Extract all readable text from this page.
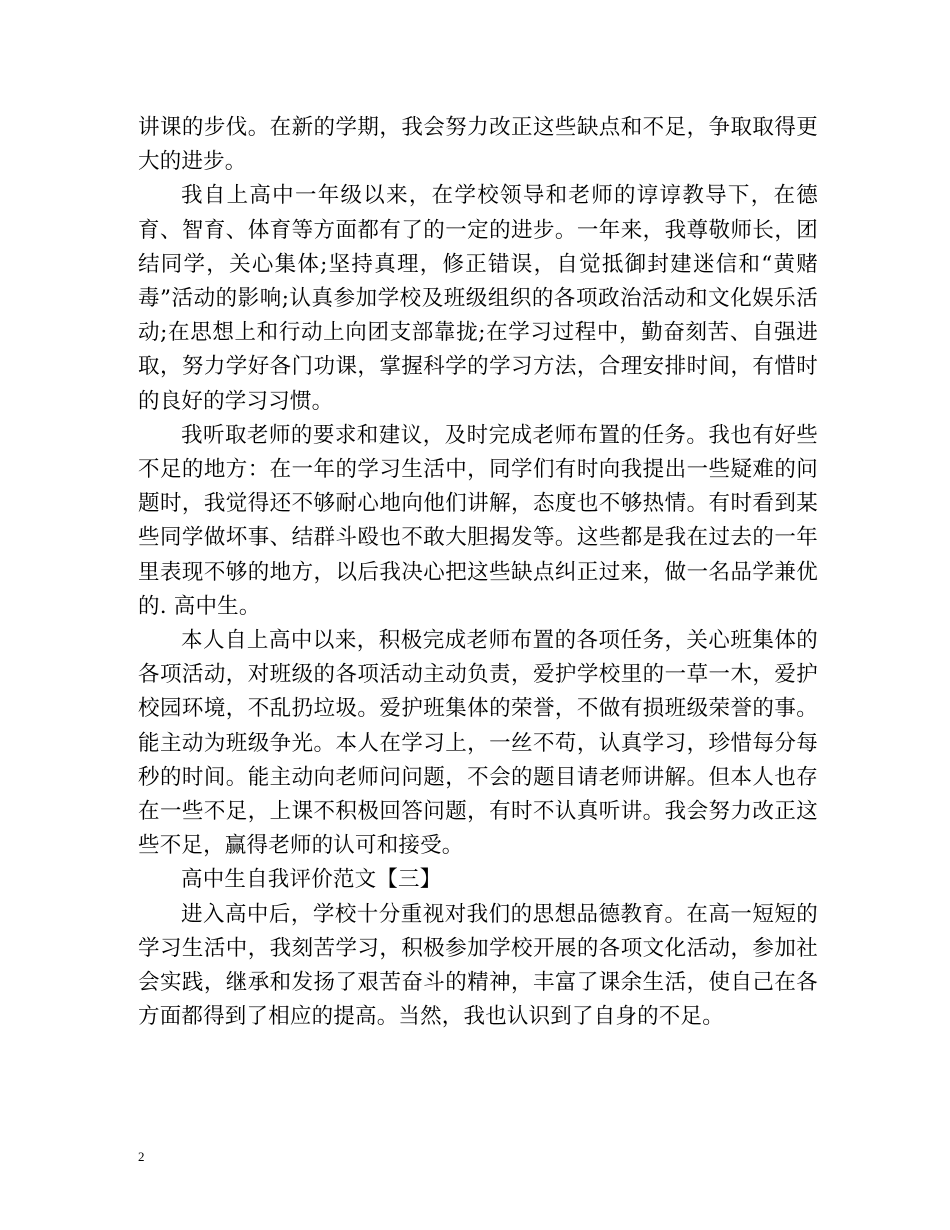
讲课的步伐。在新的学期，我会努力改正这些缺点和不足，争取取得更大的进步。

我自上高中一年级以来，在学校领导和老师的谆谆教导下，在德育、智育、体育等方面都有了的一定的进步。一年来，我尊敬师长，团结同学，关心集体;坚持真理，修正错误，自觉抵御封建迷信和“黄赌毒”活动的影响;认真参加学校及班级组织的各项政治活动和文化娱乐活动;在思想上和行动上向团支部靠拢;在学习过程中，勤奋刻苦、自强进取，努力学好各门功课，掌握科学的学习方法，合理安排时间，有惜时的良好的学习习惯。

我听取老师的要求和建议，及时完成老师布置的任务。我也有好些不足的地方：在一年的学习生活中，同学们有时向我提出一些疑难的问题时，我觉得还不够耐心地向他们讲解，态度也不够热情。有时看到某些同学做坏事、结群斗殴也不敢大胆揭发等。这些都是我在过去的一年里表现不够的地方，以后我决心把这些缺点纠正过来，做一名品学兼优的. 高中生。

本人自上高中以来，积极完成老师布置的各项任务，关心班集体的各项活动，对班级的各项活动主动负责，爱护学校里的一草一木，爱护校园环境，不乱扔垃圾。爱护班集体的荣誉，不做有损班级荣誉的事。能主动为班级争光。本人在学习上，一丝不苟，认真学习，珍惜每分每秒的时间。能主动向老师问问题，不会的题目请老师讲解。但本人也存在一些不足，上课不积极回答问题，有时不认真听讲。我会努力改正这些不足，赢得老师的认可和接受。

高中生自我评价范文【三】

进入高中后，学校十分重视对我们的思想品德教育。在高一短短的学习生活中，我刻苦学习，积极参加学校开展的各项文化活动，参加社会实践，继承和发扬了艰苦奋斗的精神，丰富了课余生活，使自己在各方面都得到了相应的提高。当然，我也认识到了自身的不足。

2
